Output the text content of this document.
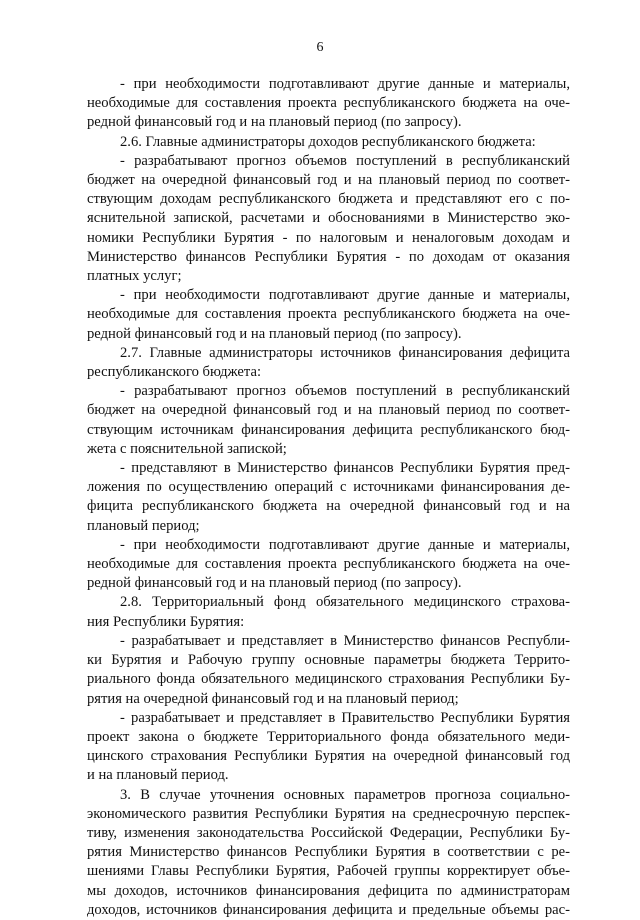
6
- при необходимости подготавливают другие данные и материалы,
необходимые для составления проекта республиканского бюджета на оче-
редной финансовый год и на плановый период (по запросу).
2.6. Главные администраторы доходов республиканского бюджета:
- разрабатывают прогноз объемов поступлений в республиканский
бюджет на очередной финансовый год и на плановый период по соответ-
ствующим доходам республиканского бюджета и представляют его с по-
яснительной запиской, расчетами и обоснованиями в Министерство эко-
номики Республики Бурятия - по налоговым и неналоговым доходам и
Министерство финансов Республики Бурятия - по доходам от оказания
платных услуг;
- при необходимости подготавливают другие данные и материалы,
необходимые для составления проекта республиканского бюджета на оче-
редной финансовый год и на плановый период (по запросу).
2.7. Главные администраторы источников финансирования дефицита
республиканского бюджета:
- разрабатывают прогноз объемов поступлений в республиканский
бюджет на очередной финансовый год и на плановый период по соответ-
ствующим источникам финансирования дефицита республиканского бюд-
жета с пояснительной запиской;
- представляют в Министерство финансов Республики Бурятия пред-
ложения по осуществлению операций с источниками финансирования де-
фицита республиканского бюджета на очередной финансовый год и на
плановый период;
- при необходимости подготавливают другие данные и материалы,
необходимые для составления проекта республиканского бюджета на оче-
редной финансовый год и на плановый период (по запросу).
2.8. Территориальный фонд обязательного медицинского страхова-
ния Республики Бурятия:
- разрабатывает и представляет в Министерство финансов Республи-
ки Бурятия и Рабочую группу основные параметры бюджета Террито-
риального фонда обязательного медицинского страхования Республики Бу-
рятия на очередной финансовый год и на плановый период;
- разрабатывает и представляет в Правительство Республики Бурятия
проект закона о бюджете Территориального фонда обязательного меди-
цинского страхования Республики Бурятия на очередной финансовый год
и на плановый период.
3. В случае уточнения основных параметров прогноза социально-
экономического развития Республики Бурятия на среднесрочную перспек-
тиву, изменения законодательства Российской Федерации, Республики Бу-
рятия Министерство финансов Республики Бурятия в соответствии с ре-
шениями Главы Республики Бурятия, Рабочей группы корректирует объе-
мы доходов, источников финансирования дефицита по администраторам
доходов, источников финансирования дефицита и предельные объемы рас-
